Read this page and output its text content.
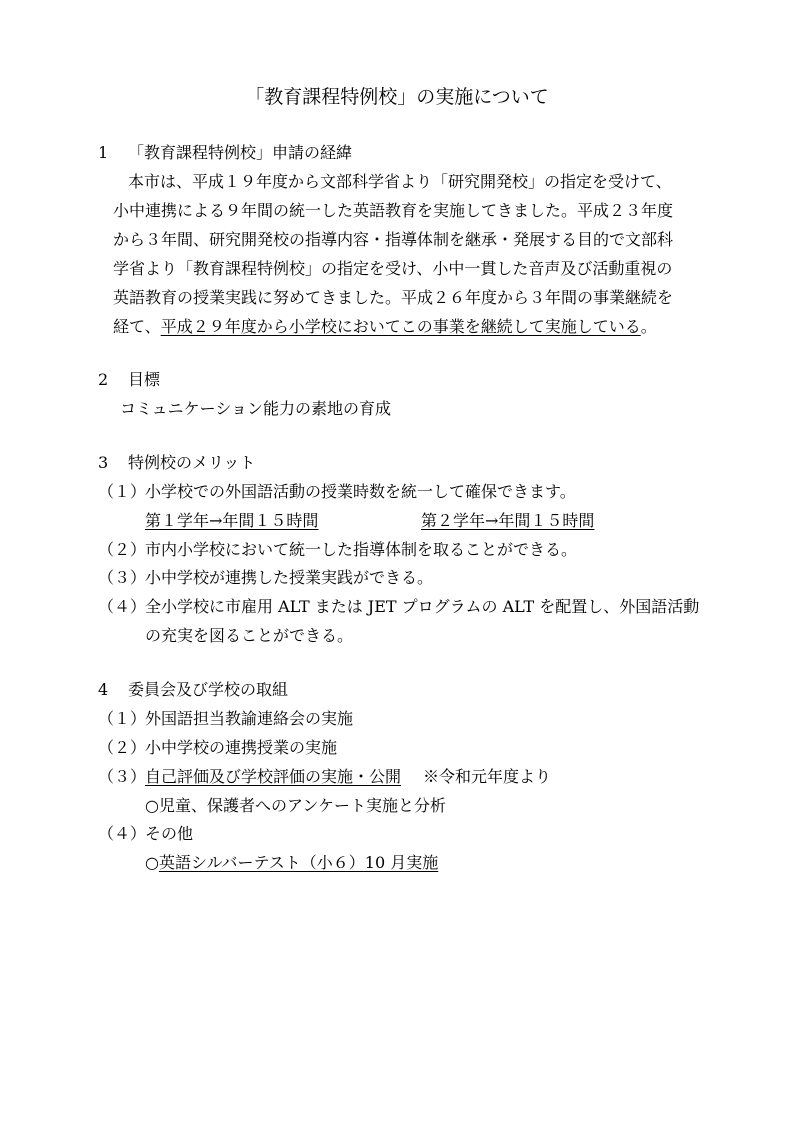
「教育課程特例校」の実施について
1 「教育課程特例校」申請の経緯
本市は、平成１９年度から文部科学省より「研究開発校」の指定を受けて、
小中連携による９年間の統一した英語教育を実施してきました。平成２３年度
から３年間、研究開発校の指導内容・指導体制を継承・発展する目的で文部科
学省より「教育課程特例校」の指定を受け、小中一貫した音声及び活動重視の
英語教育の授業実践に努めてきました。平成２６年度から３年間の事業継続を
経て、平成２９年度から小学校においてこの事業を継続して実施している。
2 目標
コミュニケーション能力の素地の育成
3 特例校のメリット
（１）
小学校での外国語活動の授業時数を統一して確保できます。
第１学年→年間１５時間	第２学年→年間１５時間
（２）
市内小学校において統一した指導体制を取ることができる。
（３）
小中学校が連携した授業実践ができる。
（４）
全小学校に市雇用 ALT または JET プログラムの ALT を配置し、外国語活動
の充実を図ることができる。
4 委員会及び学校の取組
（１）
外国語担当教諭連絡会の実施
（２）
小中学校の連携授業の実施
（３）
自己評価及び学校評価の実施・公開 ※令和元年度より
○児童、保護者へのアンケート実施と分析
（４）
その他
○英語シルバーテスト（小６）10 月実施
